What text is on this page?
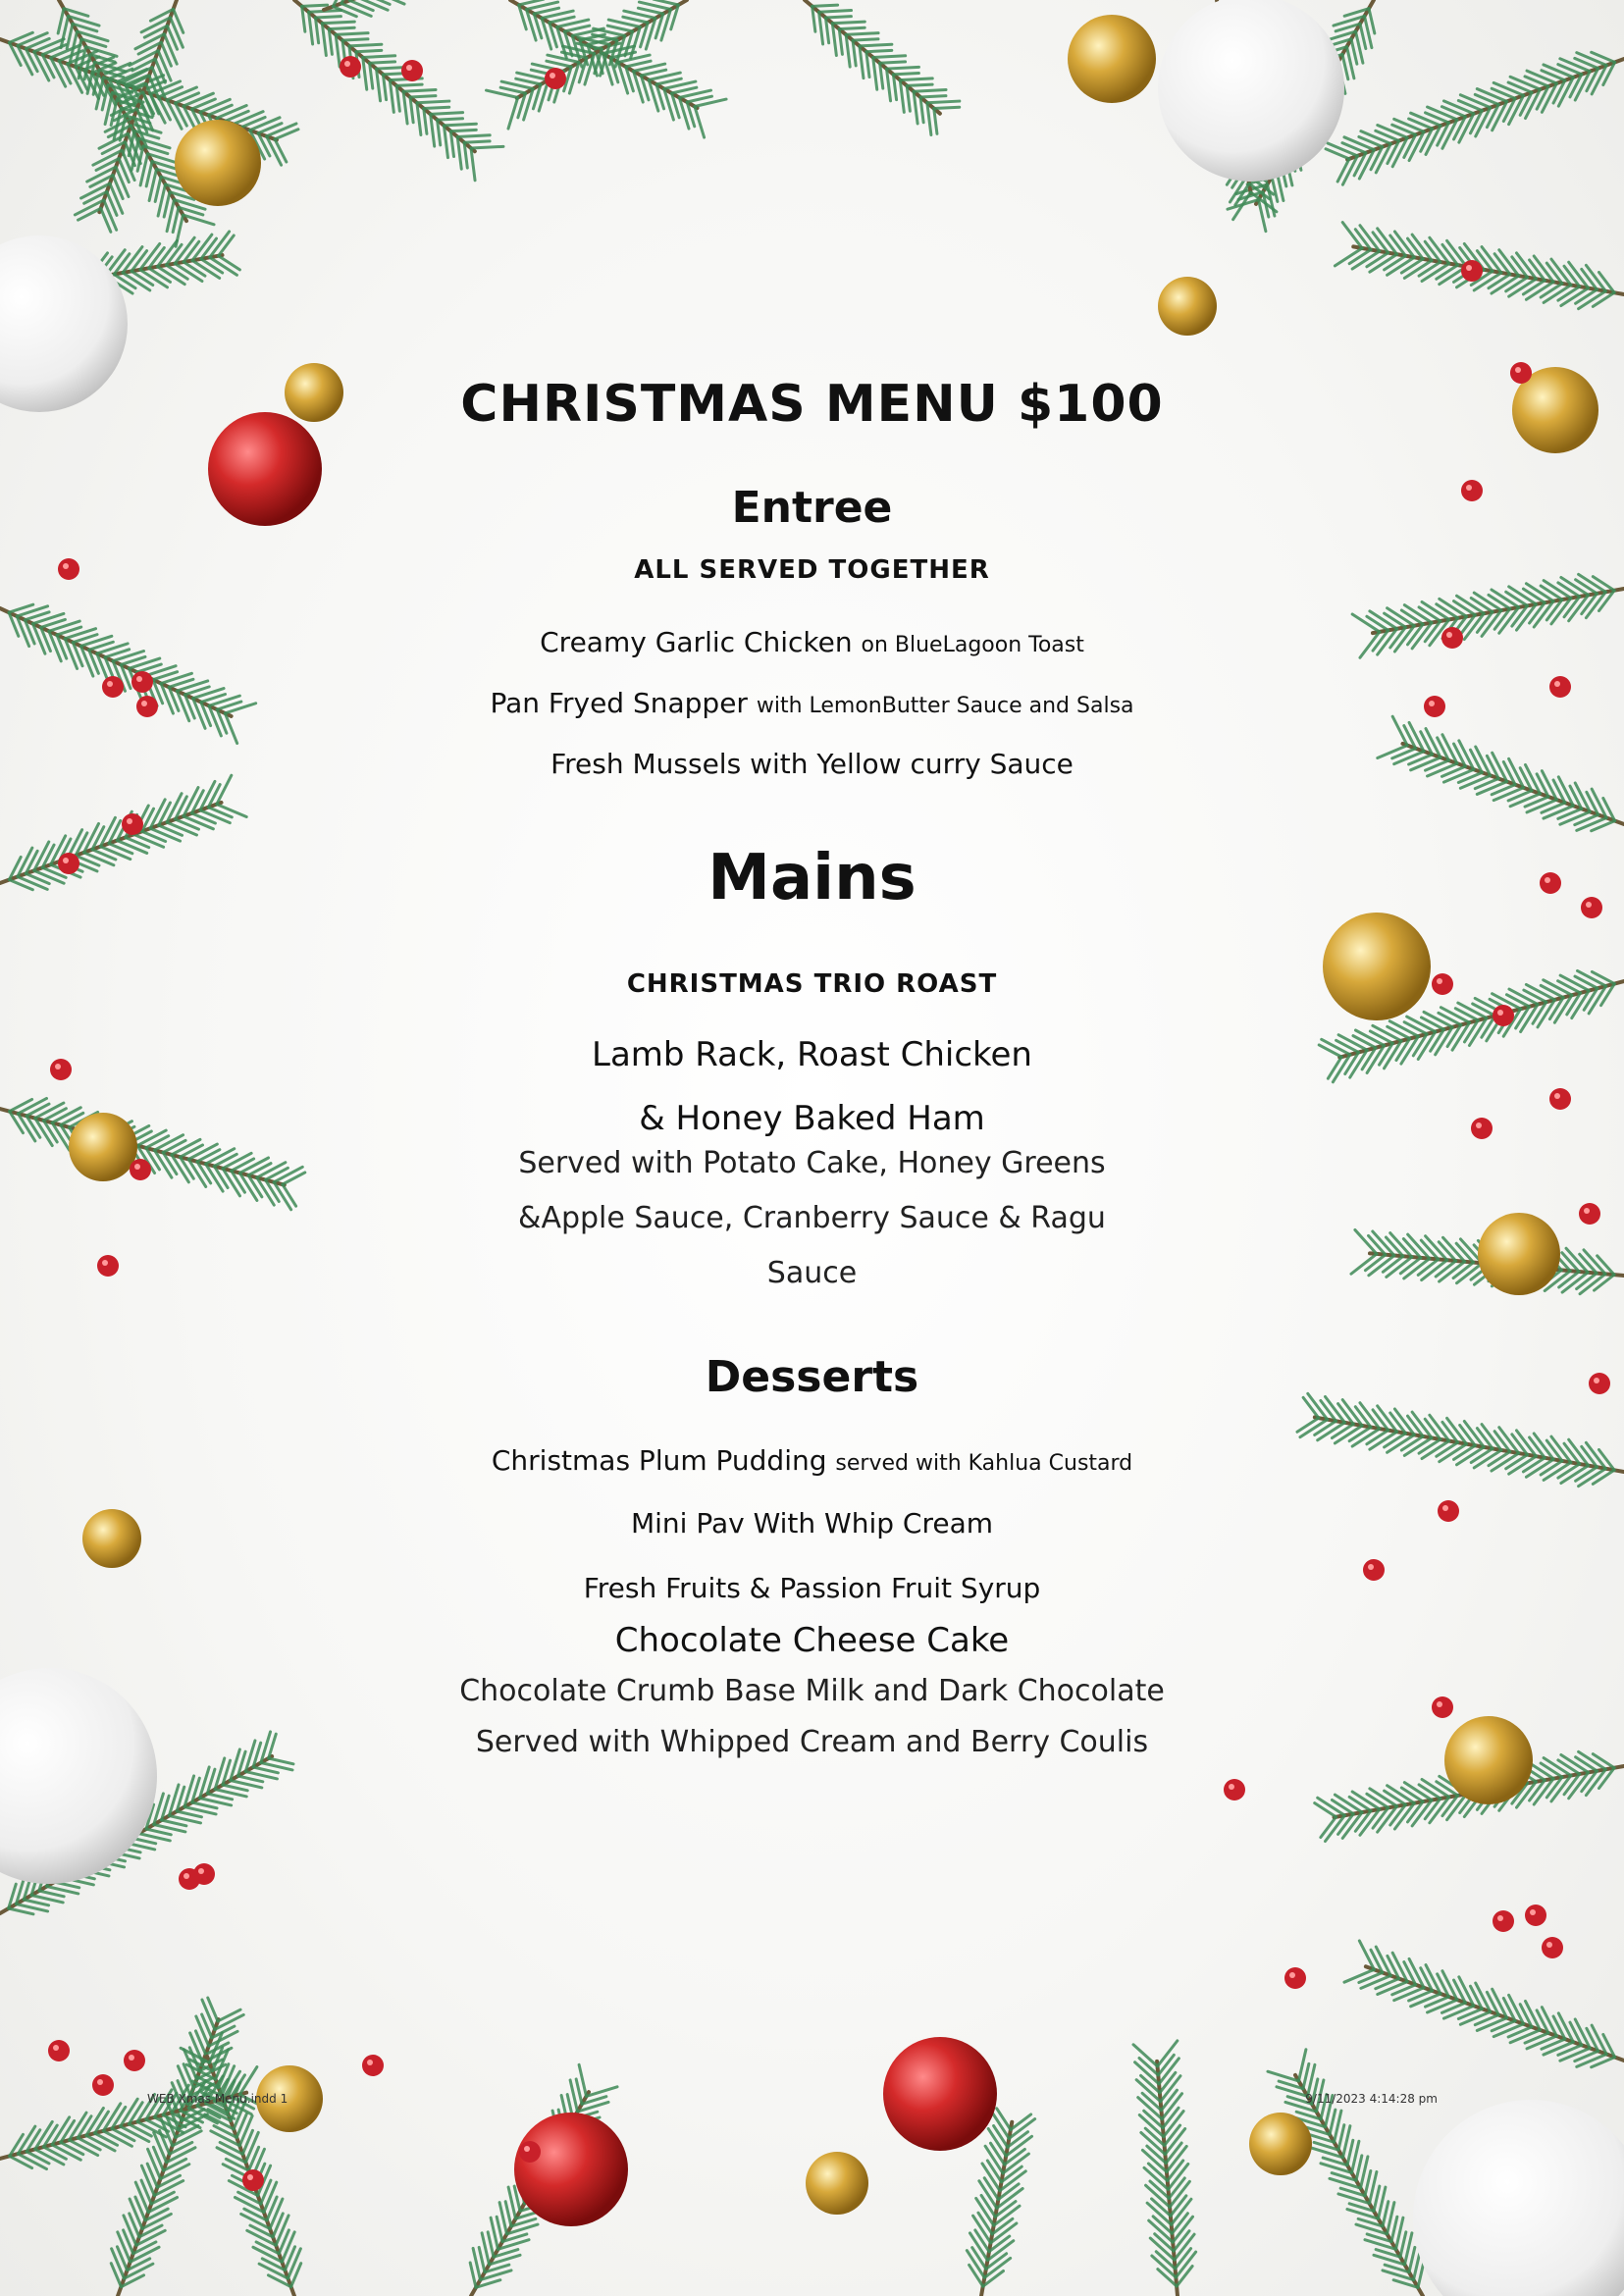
CHRISTMAS MENU $100
Entree
ALL SERVED TOGETHER
Creamy Garlic Chicken on BlueLagoon Toast
Pan Fryed Snapper with LemonButter Sauce and Salsa
Fresh Mussels with Yellow curry Sauce
Mains
CHRISTMAS TRIO ROAST
Lamb Rack, Roast Chicken
& Honey Baked Ham
Served with Potato Cake, Honey Greens
&Apple Sauce, Cranberry Sauce & Ragu
Sauce
Desserts
Christmas Plum Pudding served with Kahlua Custard
Mini Pav With Whip Cream
Fresh Fruits & Passion Fruit Syrup
Chocolate Cheese Cake
Chocolate Crumb Base Milk and Dark Chocolate
Served with Whipped Cream and Berry Coulis
WEB Xmas Menu.indd 1	9/11/2023 4:14:28 pm
